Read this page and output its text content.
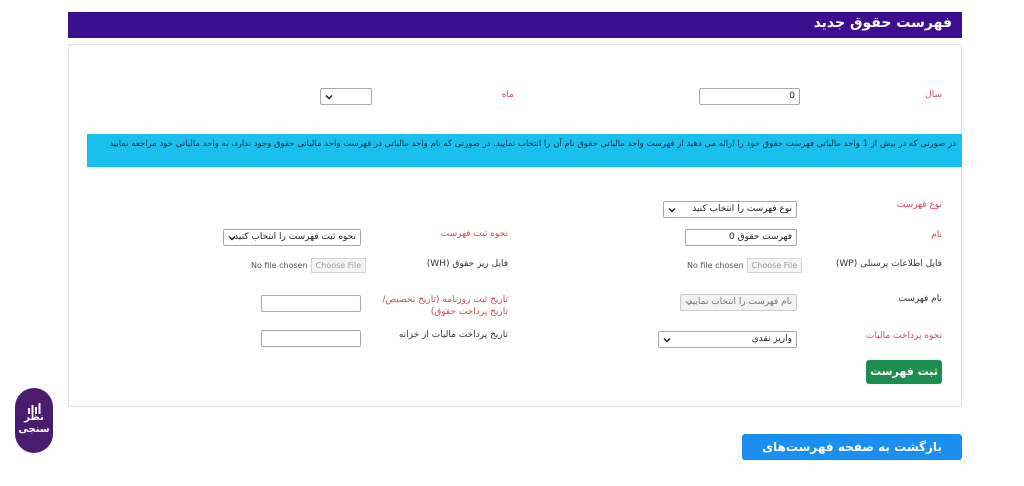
فهرست حقوق جدید
سال
0
ماه
در صورتی که در بیش از 1 واحد مالیاتی فهرست حقوق خود را ارائه می دهید از فهرست واحد مالیاتی حقوق نام آن را انتخاب نمایید. در صورتی که نام واحد مالیاتی در فهرست واحد مالیاتی حقوق وجود ندارد، به واحد مالیاتی خود مراجعه نمایید
نوع فهرست
نوع فهرست را انتخاب کنید
نام
فهرست حقوق 0
نحوه ثبت فهرست
نحوه ثبت فهرست را انتخاب کنید
فایل اطلاعات پرسنلی (WP)
No file chosen	Choose File
فایل ریز حقوق (WH)
No file chosen	Choose File
نام فهرست
نام فهرست را انتخاب نمایید
تاریخ ثبت روزنامه (تاریخ تخصیص/
تاریخ پرداخت حقوق)
نحوه پرداخت مالیات
واریز نقدي
تاریخ پرداخت مالیات از خزانه
ثبت فهرست
بازگشت به صفحه فهرست‌های ارسالی
نظر
سنجی
